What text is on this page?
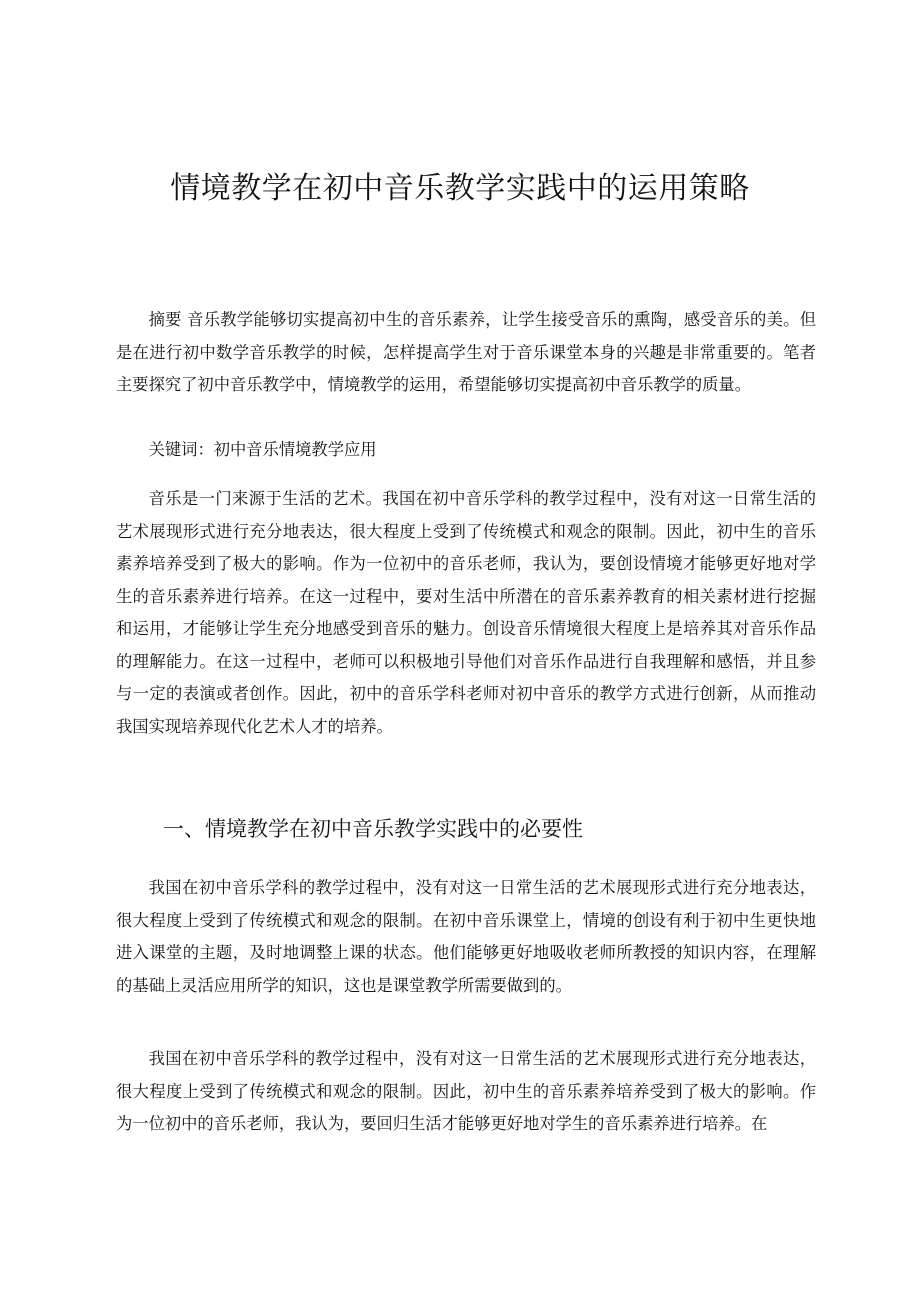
情境教学在初中音乐教学实践中的运用策略

摘要 音乐教学能够切实提高初中生的音乐素养，让学生接受音乐的熏陶，感受音乐的美。但是在进行初中数学音乐教学的时候，怎样提高学生对于音乐课堂本身的兴趣是非常重要的。笔者主要探究了初中音乐教学中，情境教学的运用，希望能够切实提高初中音乐教学的质量。

关键词：初中音乐情境教学应用

音乐是一门来源于生活的艺术。我国在初中音乐学科的教学过程中，没有对这一日常生活的艺术展现形式进行充分地表达，很大程度上受到了传统模式和观念的限制。因此，初中生的音乐素养培养受到了极大的影响。作为一位初中的音乐老师，我认为，要创设情境才能够更好地对学生的音乐素养进行培养。在这一过程中，要对生活中所潜在的音乐素养教育的相关素材进行挖掘和运用，才能够让学生充分地感受到音乐的魅力。创设音乐情境很大程度上是培养其对音乐作品的理解能力。在这一过程中，老师可以积极地引导他们对音乐作品进行自我理解和感悟，并且参与一定的表演或者创作。因此，初中的音乐学科老师对初中音乐的教学方式进行创新，从而推动我国实现培养现代化艺术人才的培养。

一、情境教学在初中音乐教学实践中的必要性

我国在初中音乐学科的教学过程中，没有对这一日常生活的艺术展现形式进行充分地表达，很大程度上受到了传统模式和观念的限制。在初中音乐课堂上，情境的创设有利于初中生更快地进入课堂的主题，及时地调整上课的状态。他们能够更好地吸收老师所教授的知识内容，在理解的基础上灵活应用所学的知识，这也是课堂教学所需要做到的。

我国在初中音乐学科的教学过程中，没有对这一日常生活的艺术展现形式进行充分地表达，很大程度上受到了传统模式和观念的限制。因此，初中生的音乐素养培养受到了极大的影响。作为一位初中的音乐老师，我认为，要回归生活才能够更好地对学生的音乐素养进行培养。在
